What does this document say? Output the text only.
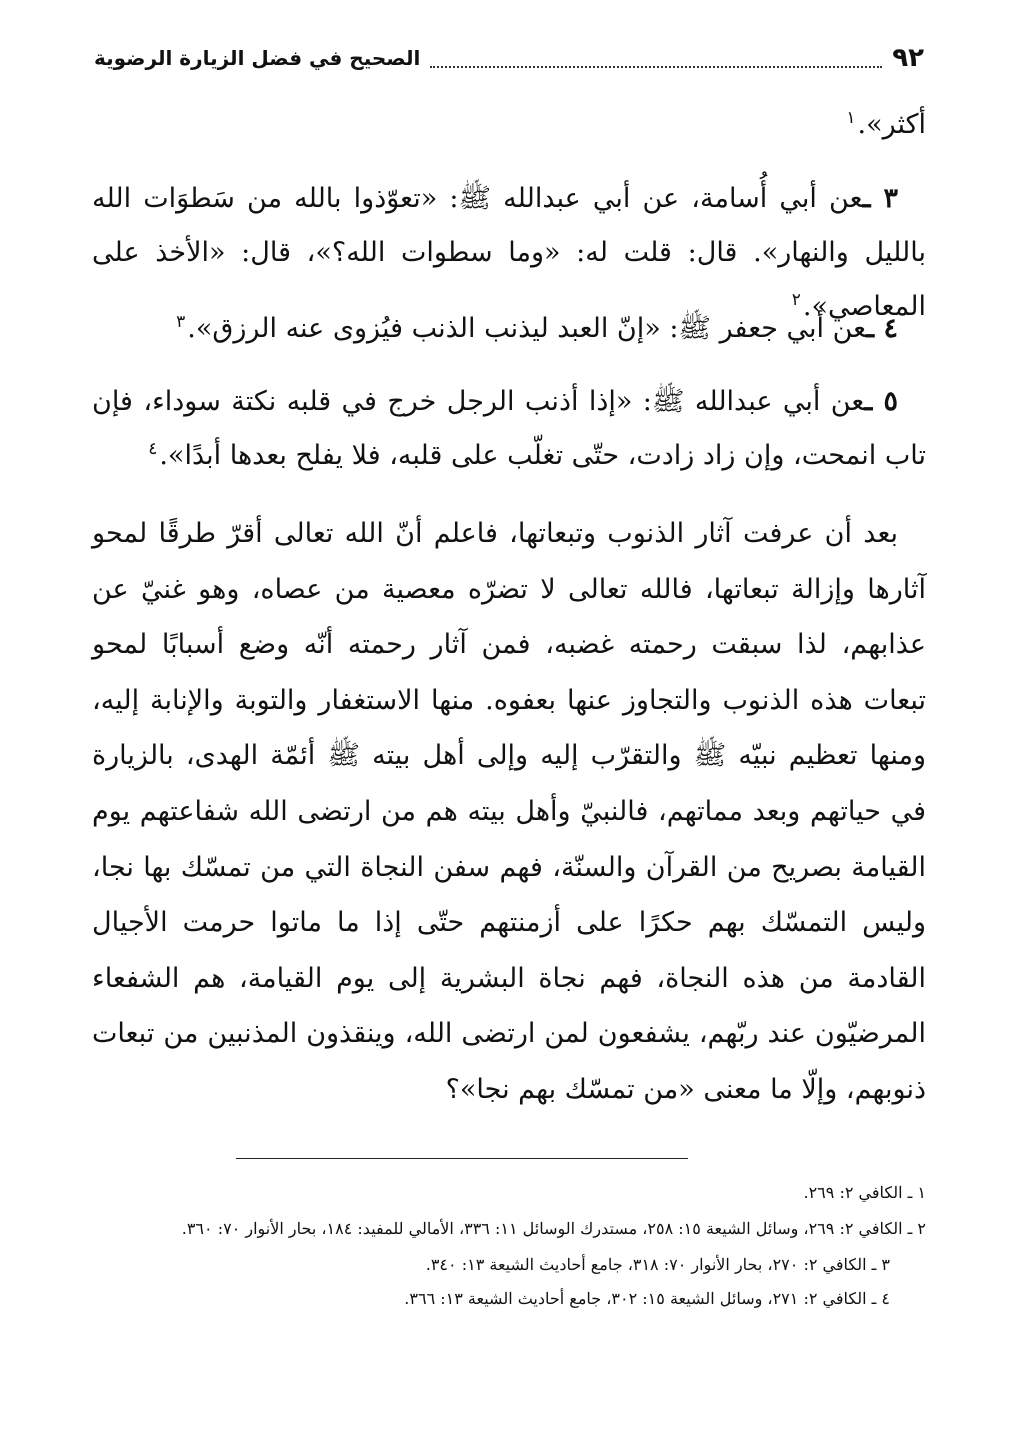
٩٢
الصحيح في فضل الزيارة الرضوية
أكثر».$^١$
٣ ـعن أبي أُسامة، عن أبي عبدالله ﷺ: «تعوّذوا بالله من سَطوَات الله بالليل والنهار». قال: قلت له: «وما سطوات الله؟»، قال: «الأخذ على المعاصي».$^٢$
٤ ـعن أبي جعفر ﷺ: «إنّ العبد ليذنب الذنب فيُزوى عنه الرزق».$^٣$
٥ ـعن أبي عبدالله ﷺ: «إذا أذنب الرجل خرج في قلبه نكتة سوداء، فإن تاب انمحت، وإن زاد زادت، حتّى تغلّب على قلبه، فلا يفلح بعدها أبدًا».$^٤$
بعد أن عرفت آثار الذنوب وتبعاتها، فاعلم أنّ الله تعالى أقرّ طرقًا لمحو آثارها وإزالة تبعاتها، فالله تعالى لا تضرّه معصية من عصاه، وهو غنيّ عن عذابهم، لذا سبقت رحمته غضبه، فمن آثار رحمته أنّه وضع أسبابًا لمحو تبعات هذه الذنوب والتجاوز عنها بعفوه. منها الاستغفار والتوبة والإنابة إليه، ومنها تعظيم نبيّه ﷺ والتقرّب إليه وإلى أهل بيته ﷺ أئمّة الهدى، بالزيارة في حياتهم وبعد مماتهم، فالنبيّ وأهل بيته هم من ارتضى الله شفاعتهم يوم القيامة بصريح من القرآن والسنّة، فهم سفن النجاة التي من تمسّك بها نجا، وليس التمسّك بهم حكرًا على أزمنتهم حتّى إذا ما ماتوا حرمت الأجيال القادمة من هذه النجاة، فهم نجاة البشرية إلى يوم القيامة، هم الشفعاء المرضيّون عند ربّهم، يشفعون لمن ارتضى الله، وينقذون المذنبين من تبعات ذنوبهم، وإلّا ما معنى «من تمسّك بهم نجا»؟
١ ـ الكافي ٢: ٢٦٩.
٢ ـ الكافي ٢: ٢٦٩، وسائل الشيعة ١٥: ٢٥٨، مستدرك الوسائل ١١: ٣٣٦، الأمالي للمفيد: ١٨٤، بحار الأنوار ٧٠: ٣٦٠.
٣ ـ الكافي ٢: ٢٧٠، بحار الأنوار ٧٠: ٣١٨، جامع أحاديث الشيعة ١٣: ٣٤٠.
٤ ـ الكافي ٢: ٢٧١، وسائل الشيعة ١٥: ٣٠٢، جامع أحاديث الشيعة ١٣: ٣٦٦.
